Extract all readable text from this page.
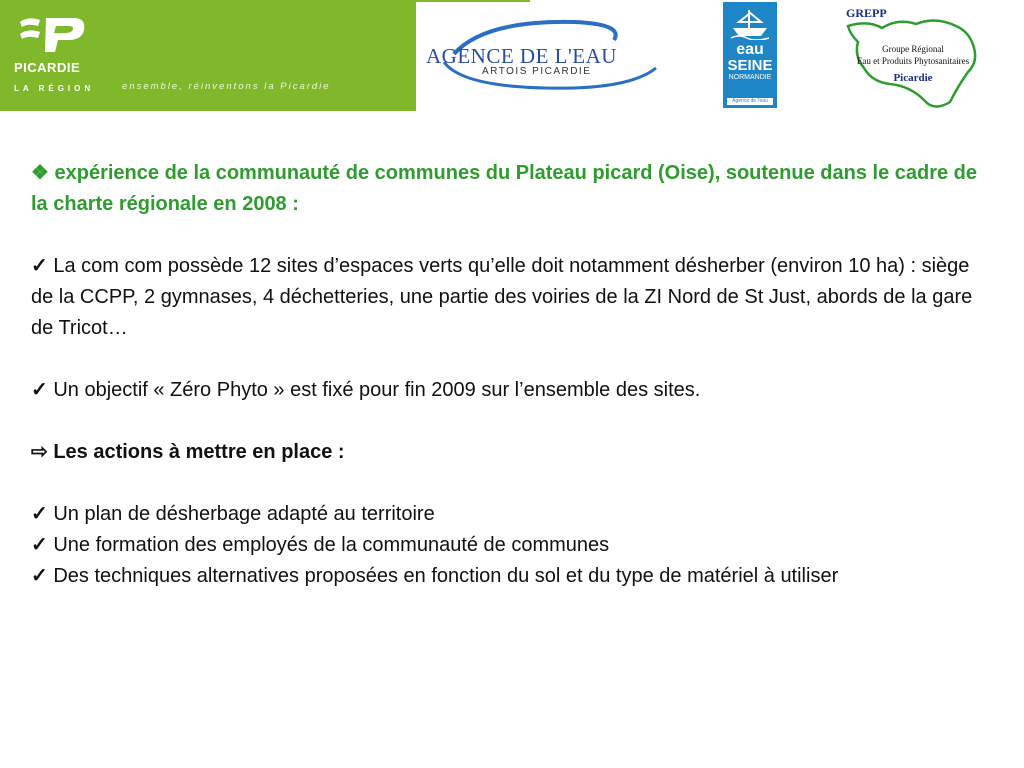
PICARDIE
LA RÉGION	ensemble, réinventons la Picardie
AGENCE DE L'EAU
ARTOIS PICARDIE
eau
SEINE
NORMANDIE
Agence de l'eau
GREPP
Groupe Régional
Eau et Produits Phytosanitaires
Picardie

❖ expérience de la communauté de communes du Plateau picard (Oise), soutenue dans le cadre de la charte régionale en 2008 :

✓ La com com possède 12 sites d’espaces verts qu’elle doit notamment désherber (environ 10 ha) : siège de la CCPP, 2 gymnases, 4 déchetteries, une partie des voiries de la ZI Nord de St Just, abords de la gare de Tricot…

✓ Un objectif « Zéro Phyto » est fixé pour fin 2009 sur l’ensemble des sites.

⇨ Les actions à mettre en place :

✓ Un plan de désherbage adapté au territoire

✓ Une formation des employés de la communauté de communes

✓ Des techniques alternatives proposées en fonction du sol et du type de matériel à utiliser
